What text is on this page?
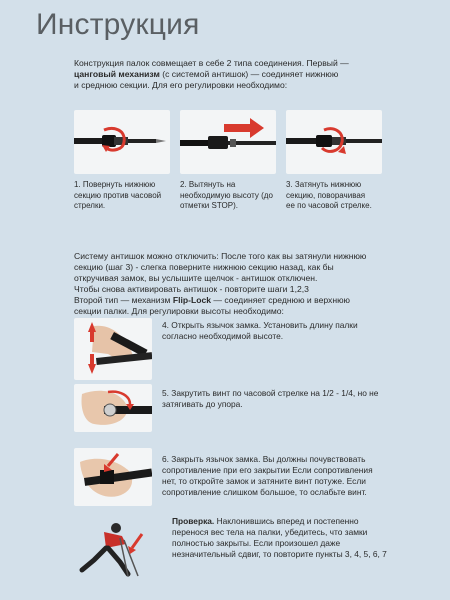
Инструкция
Конструкция палок совмещает в себе 2 типа соединения. Первый —
цанговый механизм (с системой антишок) — соединяет нижнюю
и среднюю секции. Для его регулировки необходимо:
1. Повернуть нижнюю секцию против часовой стрелки.
2. Вытянуть на необходимую высоту (до отметки STOP).
3. Затянуть нижнюю секцию, поворачивая ее по часовой стрелке.
Систему антишок можно отключить: После того как вы затянули нижнюю
секцию (шаг 3) - слегка поверните нижнюю секцию назад, как бы
откручивая замок, вы услышите щелчок - антишок отключен.
Чтобы снова активировать антишок - повторите шаги 1,2,3
Второй тип — механизм Flip-Lock — соединяет среднюю и верхнюю
секции палки. Для регулировки высоты необходимо:
4. Открыть язычок замка. Установить длину палки согласно необходимой высоте.
5. Закрутить винт по часовой стрелке на 1/2 - 1/4, но не затягивать до упора.
6. Закрыть язычок замка. Вы должны почувствовать сопротивление при его закрытии Если сопротивления нет, то откройте замок и затяните винт потуже. Если сопротивление слишком большое, то ослабьте винт.
Проверка. Наклонившись вперед и постепенно перенося вес тела на палки, убедитесь, что замки полностью закрыты. Если произошел даже незначительный сдвиг, то повторите пункты 3, 4, 5, 6, 7
